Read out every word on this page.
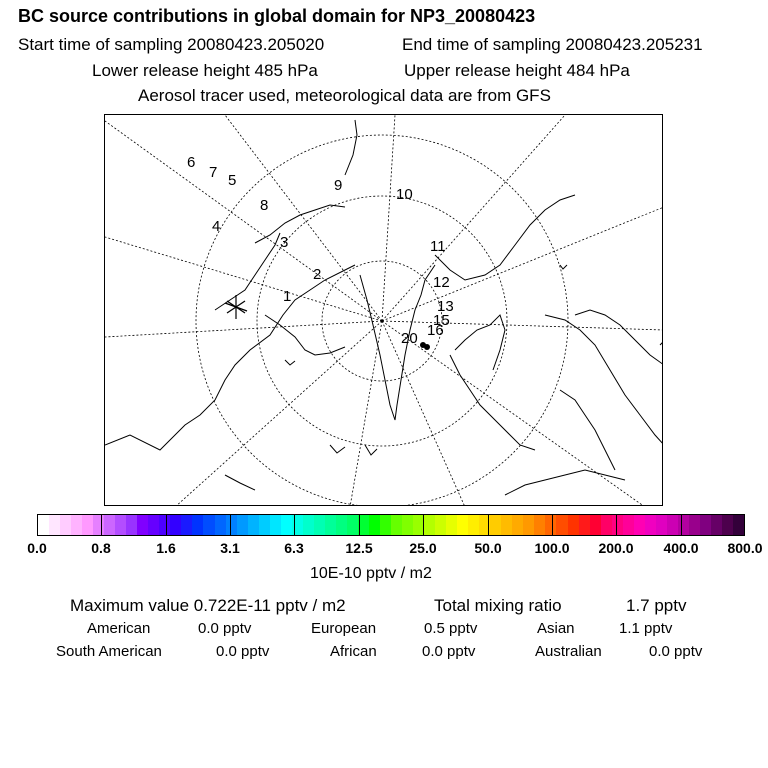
BC source contributions in global domain for NP3_20080423
Start time of sampling 20080423.205020	End time of sampling 20080423.205231
Lower release height 485 hPa	Upper release height 484 hPa
Aerosol tracer used, meteorological data are from GFS
6
7 5
8
4
9
10
11
3
2
1
12
13
15
16
20
0.0	0.8	1.6	3.1	6.3	12.5	25.0	50.0 100.0 200.0 400.0 800.0
10E-10 pptv / m2
Maximum value 0.722E-11 pptv / m2	Total mixing ratio	1.7 pptv
American	0.0 pptv	European	0.5 pptv	Asian	1.1 pptv
South American	0.0 pptv	African	0.0 pptv	Australian	0.0 pptv
